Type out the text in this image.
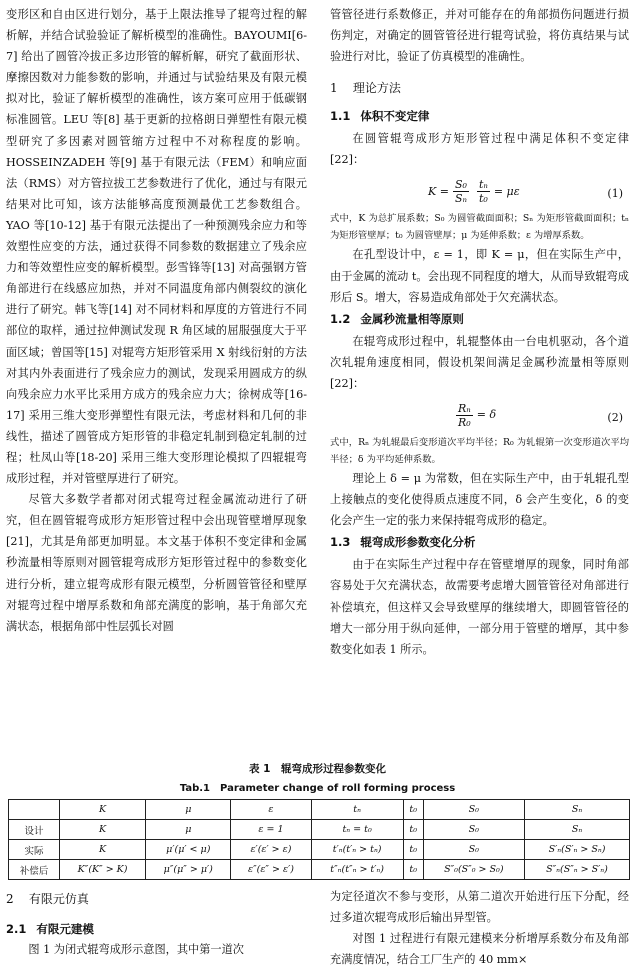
变形区和自由区进行划分，基于上限法推导了辊弯过程的解析解，并结合试验验证了解析模型的准确性。BAYOUMI[6-7] 给出了圆管冷拔正多边形管的解析解，研究了截面形状、摩擦因数对力能参数的影响，并通过与试验结果及有限元模拟对比，验证了解析模型的准确性，该方案可应用于低碳钢标准圆管。LEU 等[8] 基于更新的拉格朗日弹塑性有限元模型研究了多因素对圆管缩方过程中不对称程度的影响。HOSSEINZADEH 等[9] 基于有限元法（FEM）和响应面法（RMS）对方管拉拔工艺参数进行了优化，通过与有限元结果对比可知，该方法能够高度预测最优工艺参数组合。YAO 等[10-12] 基于有限元法提出了一种预测残余应力和等效塑性应变的方法，通过获得不同参数的数据建立了残余应力和等效塑性应变的解析模型。彭雪锋等[13] 对高强钢方管角部进行在线感应加热，并对不同温度角部内侧裂纹的演化进行了研究。韩飞等[14] 对不同材料和厚度的方管进行不同部位的取样，通过拉伸测试发现 R 角区域的屈服强度大于平面区域；曾国等[15] 对辊弯方矩形管采用 X 射线衍射的方法对其内外表面进行了残余应力的测试，发现采用圆成方的纵向残余应力水平比采用方成方的残余应力大；徐树成等[16-17] 采用三维大变形弹塑性有限元法，考虑材料和几何的非线性，描述了圆管成方矩形管的非稳定轧制到稳定轧制的过程；杜凤山等[18-20] 采用三维大变形理论模拟了四辊辊弯成形过程，并对管壁厚进行了研究。

尽管大多数学者都对闭式辊弯过程金属流动进行了研究，但在圆管辊弯成形方矩形管过程中会出现管壁增厚现象[21]，尤其是角部更加明显。本文基于体积不变定律和金属秒流量相等原则对圆管辊弯成形方矩形管过程中的参数变化进行分析，建立辊弯成形有限元模型，分析圆管管径和壁厚对辊弯过程中增厚系数和角部充满度的影响，基于角部欠充满状态，根据角部中性层弧长对圆

管管径进行系数修正，并对可能存在的角部损伤问题进行损伤判定，对确定的圆管管径进行辊弯试验，将仿真结果与试验进行对比，验证了仿真模型的准确性。

1 理论方法
1.1 体积不变定律

在圆管辊弯成形方矩形管过程中满足体积不变定律[22]：

$K = \frac{\text{S₀}}{\text{Sₙ}} \frac{\text{tₙ}}{\text{t₀}} = \mu\varepsilon$	(1)

式中，K 为总扩展系数；S₀ 为圆管截面面积；Sₙ 为矩形管截面面积；tₙ 为矩形管壁厚；t₀ 为圆管壁厚；μ 为延伸系数；ε 为增厚系数。

在孔型设计中，ε = 1，即 K = μ，但在实际生产中，由于金属的流动 t。会出现不同程度的增大，从而导致辊弯成形后 S。增大，容易造成角部处于欠充满状态。

1.2 金属秒流量相等原则

在辊弯成形过程中，轧辊整体由一台电机驱动，各个道次轧辊角速度相同，假设机架间满足金属秒流量相等原则[22]：

$\frac{\text{Rₙ}}{\text{R₀}} = \delta$	(2)

式中，Rₙ 为轧辊最后变形道次平均半径；R₀ 为轧辊第一次变形道次平均半径；δ 为平均延伸系数。

理论上 δ = μ 为常数，但在实际生产中，由于轧辊孔型上接触点的变化使得质点速度不同，δ 会产生变化，δ 的变化会产生一定的张力来保持辊弯成形的稳定。

1.3 辊弯成形参数变化分析

由于在实际生产过程中存在管壁增厚的现象，同时角部容易处于欠充满状态，故需要考虑增大圆管管径对角部进行补偿填充，但这样又会导致壁厚的继续增大，即圆管管径的增大一部分用于纵向延伸，一部分用于管壁的增厚，其中参数变化如表 1 所示。

表 1　辊弯成形过程参数变化
Tab.1　Parameter change of roll forming process
	K	μ	ε	tₙ	t₀	S₀	Sₙ
设计	K	μ	ε = 1	tₙ = t₀	t₀	S₀	Sₙ
实际	K	μ′(μ′ < μ)	ε′(ε′ > ε)	t′ₙ(t′ₙ > tₙ)	t₀	S₀	S′ₙ(S′ₙ > Sₙ)
补偿后	K″(K″ > K)	μ″(μ″ > μ′)	ε″(ε″ > ε′)	t″ₙ(t″ₙ > t′ₙ)	t₀	S″₀(S″₀ > S₀)	S″ₙ(S″ₙ > S′ₙ)
2 有限元仿真
2.1 有限元建模

图 1 为闭式辊弯成形示意图，其中第一道次

为定径道次不参与变形，从第二道次开始进行压下分配，经过多道次辊弯成形后输出异型管。

对图 1 过程进行有限元建模来分析增厚系数分布及角部充满度情况，结合工厂生产的 40 mm×
